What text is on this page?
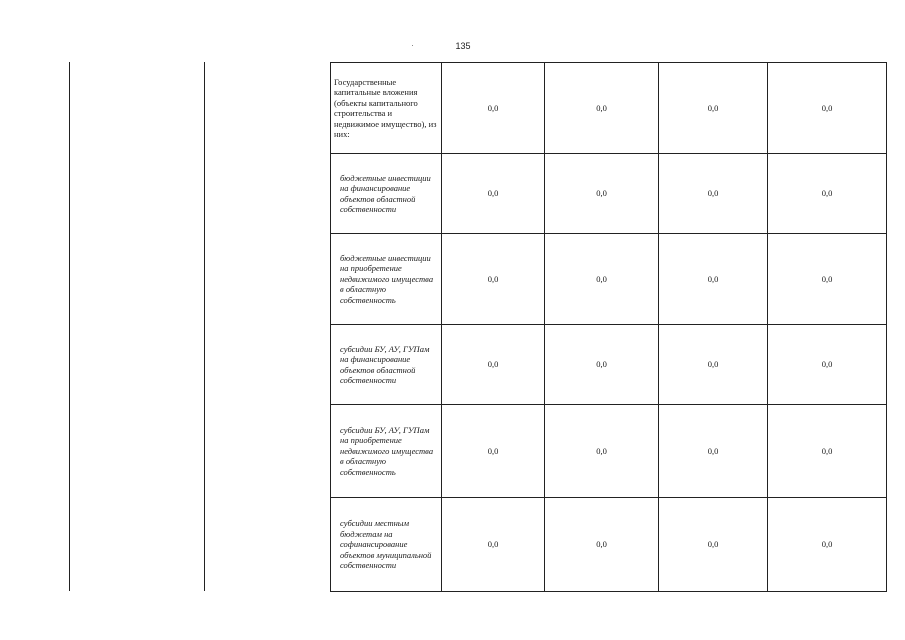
135
Государственные капитальные вложения (объекты капитального строительства и недвижимое имущество), из них:	0,0	0,0	0,0	0,0
бюджетные инвестиции на финансирование объектов областной собственности	0,0	0,0	0,0	0,0
бюджетные инвестиции на приобретение недвижимого имущества в областную собственность	0,0	0,0	0,0	0,0
субсидии БУ, АУ, ГУПам на финансирование объектов областной собственности	0,0	0,0	0,0	0,0
субсидии БУ, АУ, ГУПам на приобретение недвижимого имущества в областную собственность	0,0	0,0	0,0	0,0
субсидии местным бюджетам на софинансирование объектов муниципальной собственности	0,0	0,0	0,0	0,0
